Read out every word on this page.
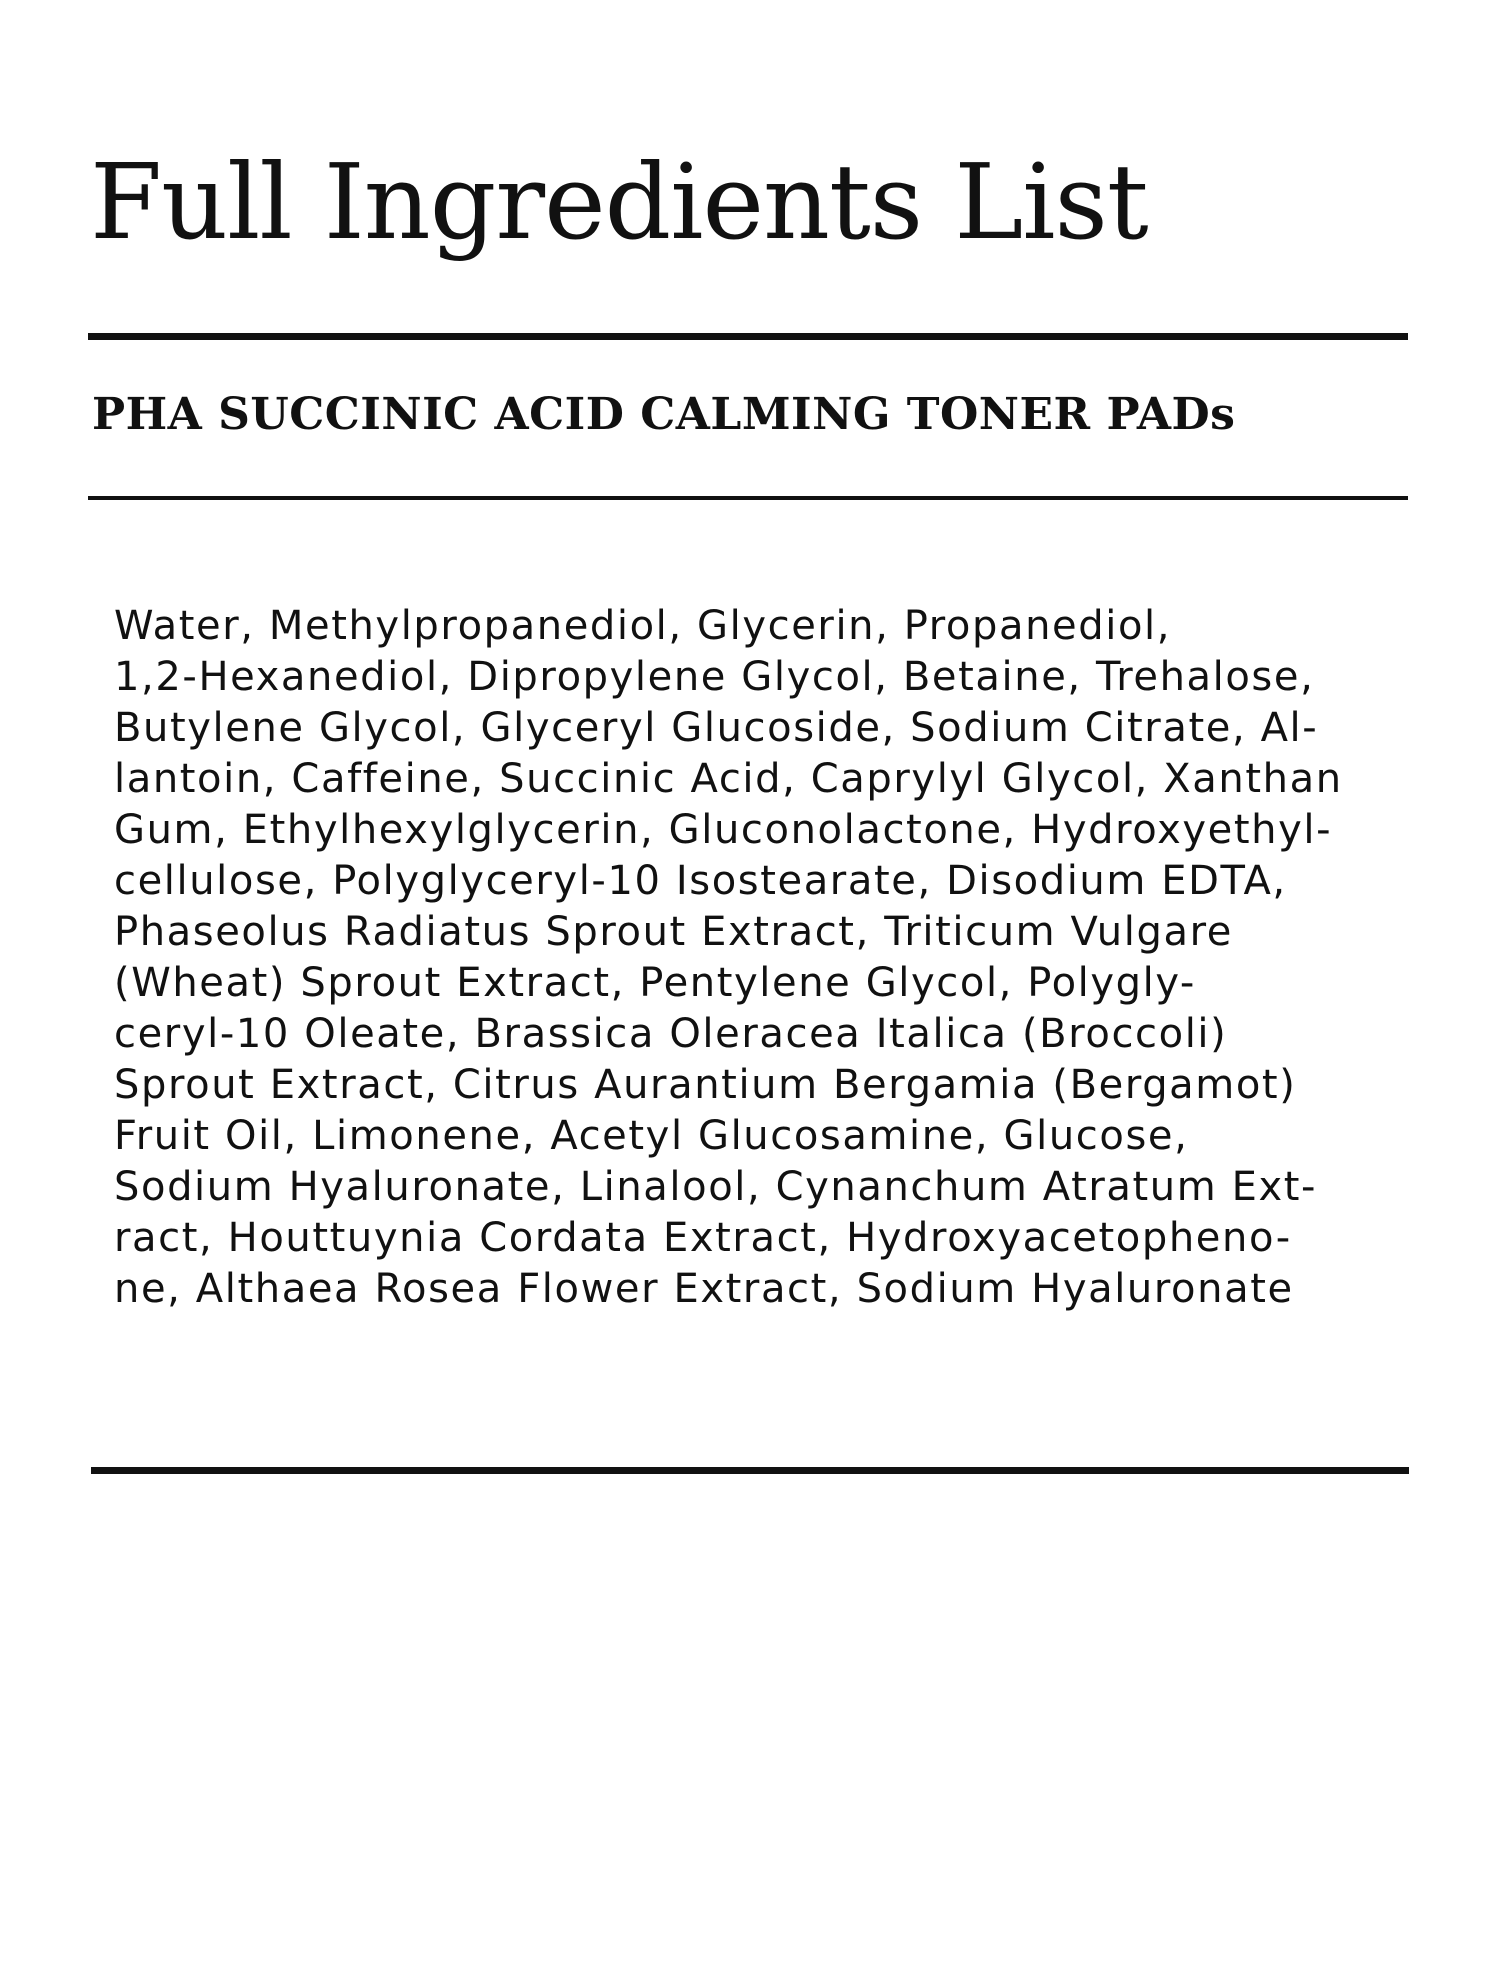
Full Ingredients List
PHA SUCCINIC ACID CALMING TONER PADs

Water, Methylpropanediol, Glycerin, Propanediol,
1,2-Hexanediol, Dipropylene Glycol, Betaine, Trehalose,
Butylene Glycol, Glyceryl Glucoside, Sodium Citrate, Al-
lantoin, Caffeine, Succinic Acid, Caprylyl Glycol, Xanthan
Gum, Ethylhexylglycerin, Gluconolactone, Hydroxyethyl-
cellulose, Polyglyceryl-10 Isostearate, Disodium EDTA,
Phaseolus Radiatus Sprout Extract, Triticum Vulgare
(Wheat) Sprout Extract, Pentylene Glycol, Polygly-
ceryl-10 Oleate, Brassica Oleracea Italica (Broccoli)
Sprout Extract, Citrus Aurantium Bergamia (Bergamot)
Fruit Oil, Limonene, Acetyl Glucosamine, Glucose,
Sodium Hyaluronate, Linalool, Cynanchum Atratum Ext-
ract, Houttuynia Cordata Extract, Hydroxyacetopheno-
ne, Althaea Rosea Flower Extract, Sodium Hyaluronate
